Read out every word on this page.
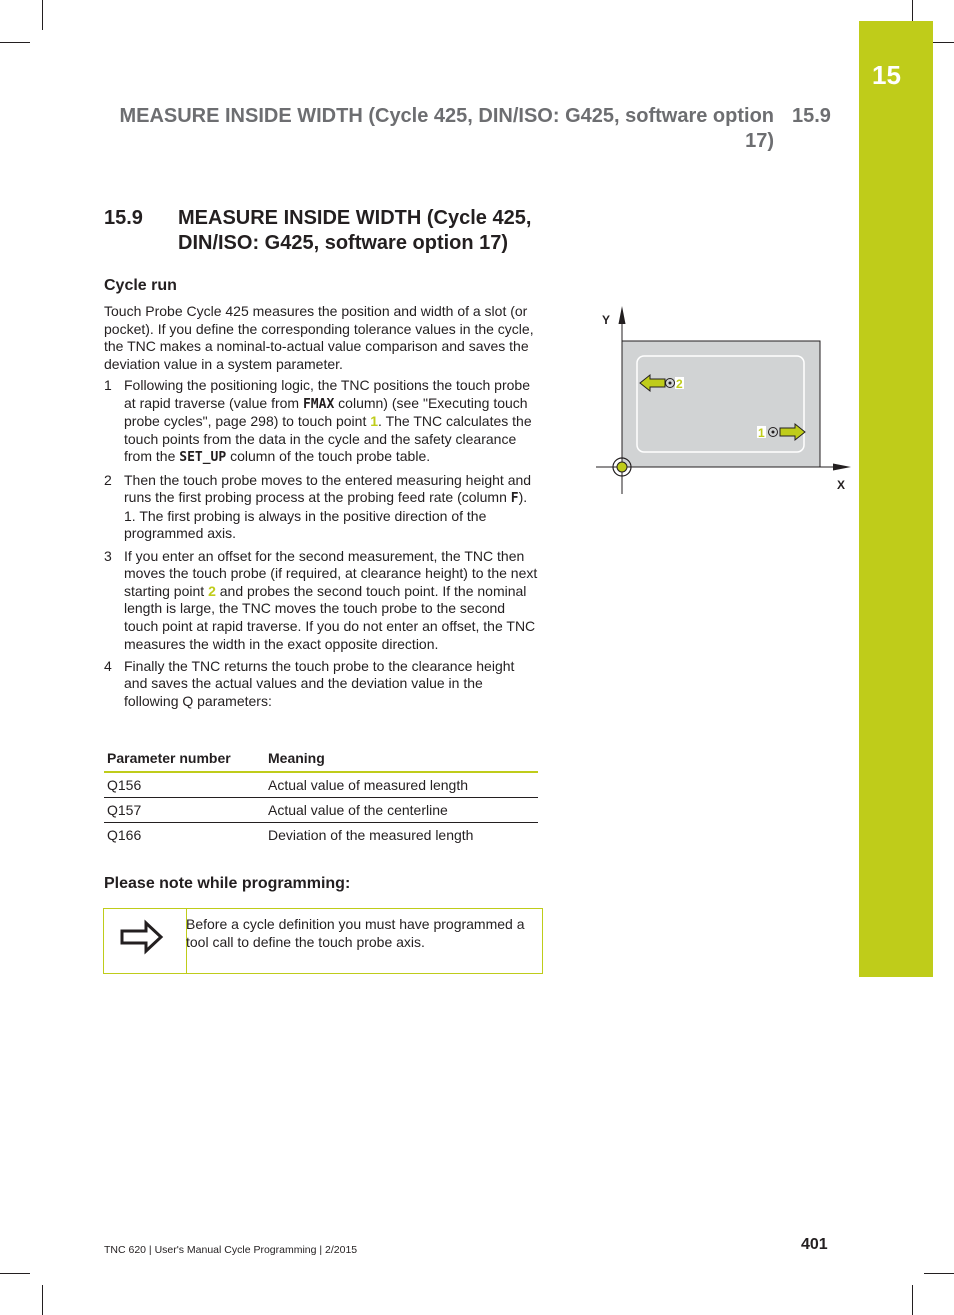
15
MEASURE INSIDE WIDTH (Cycle 425, DIN/ISO: G425, software option 17)
15.9
15.9 MEASURE INSIDE WIDTH (Cycle 425, DIN/ISO: G425, software option 17)
Cycle run

Touch Probe Cycle 425 measures the position and width of a slot (or pocket). If you define the corresponding tolerance values in the cycle, the TNC makes a nominal-to-actual value comparison and saves the deviation value in a system parameter.

1 Following the positioning logic, the TNC positions the touch probe at rapid traverse (value from FMAX column) (see "Executing touch probe cycles", page 298) to touch point 1. The TNC calculates the touch points from the data in the cycle and the safety clearance from the SET_UP column of the touch probe table.
2 Then the touch probe moves to the entered measuring height and runs the first probing process at the probing feed rate (column F). 1. The first probing is always in the positive direction of the programmed axis.
3 If you enter an offset for the second measurement, the TNC then moves the touch probe (if required, at clearance height) to the next starting point 2 and probes the second touch point. If the nominal length is large, the TNC moves the touch probe to the second touch point at rapid traverse. If you do not enter an offset, the TNC measures the width in the exact opposite direction.
4 Finally the TNC returns the touch probe to the clearance height and saves the actual values and the deviation value in the following Q parameters:
Parameter number	Meaning
Q156	Actual value of measured length
Q157	Actual value of the centerline
Q166	Deviation of the measured length
Please note while programming:

Before a cycle definition you must have programmed a tool call to define the touch probe axis.

Y
X
2
1
TNC 620 | User's Manual Cycle Programming | 2/2015	401
